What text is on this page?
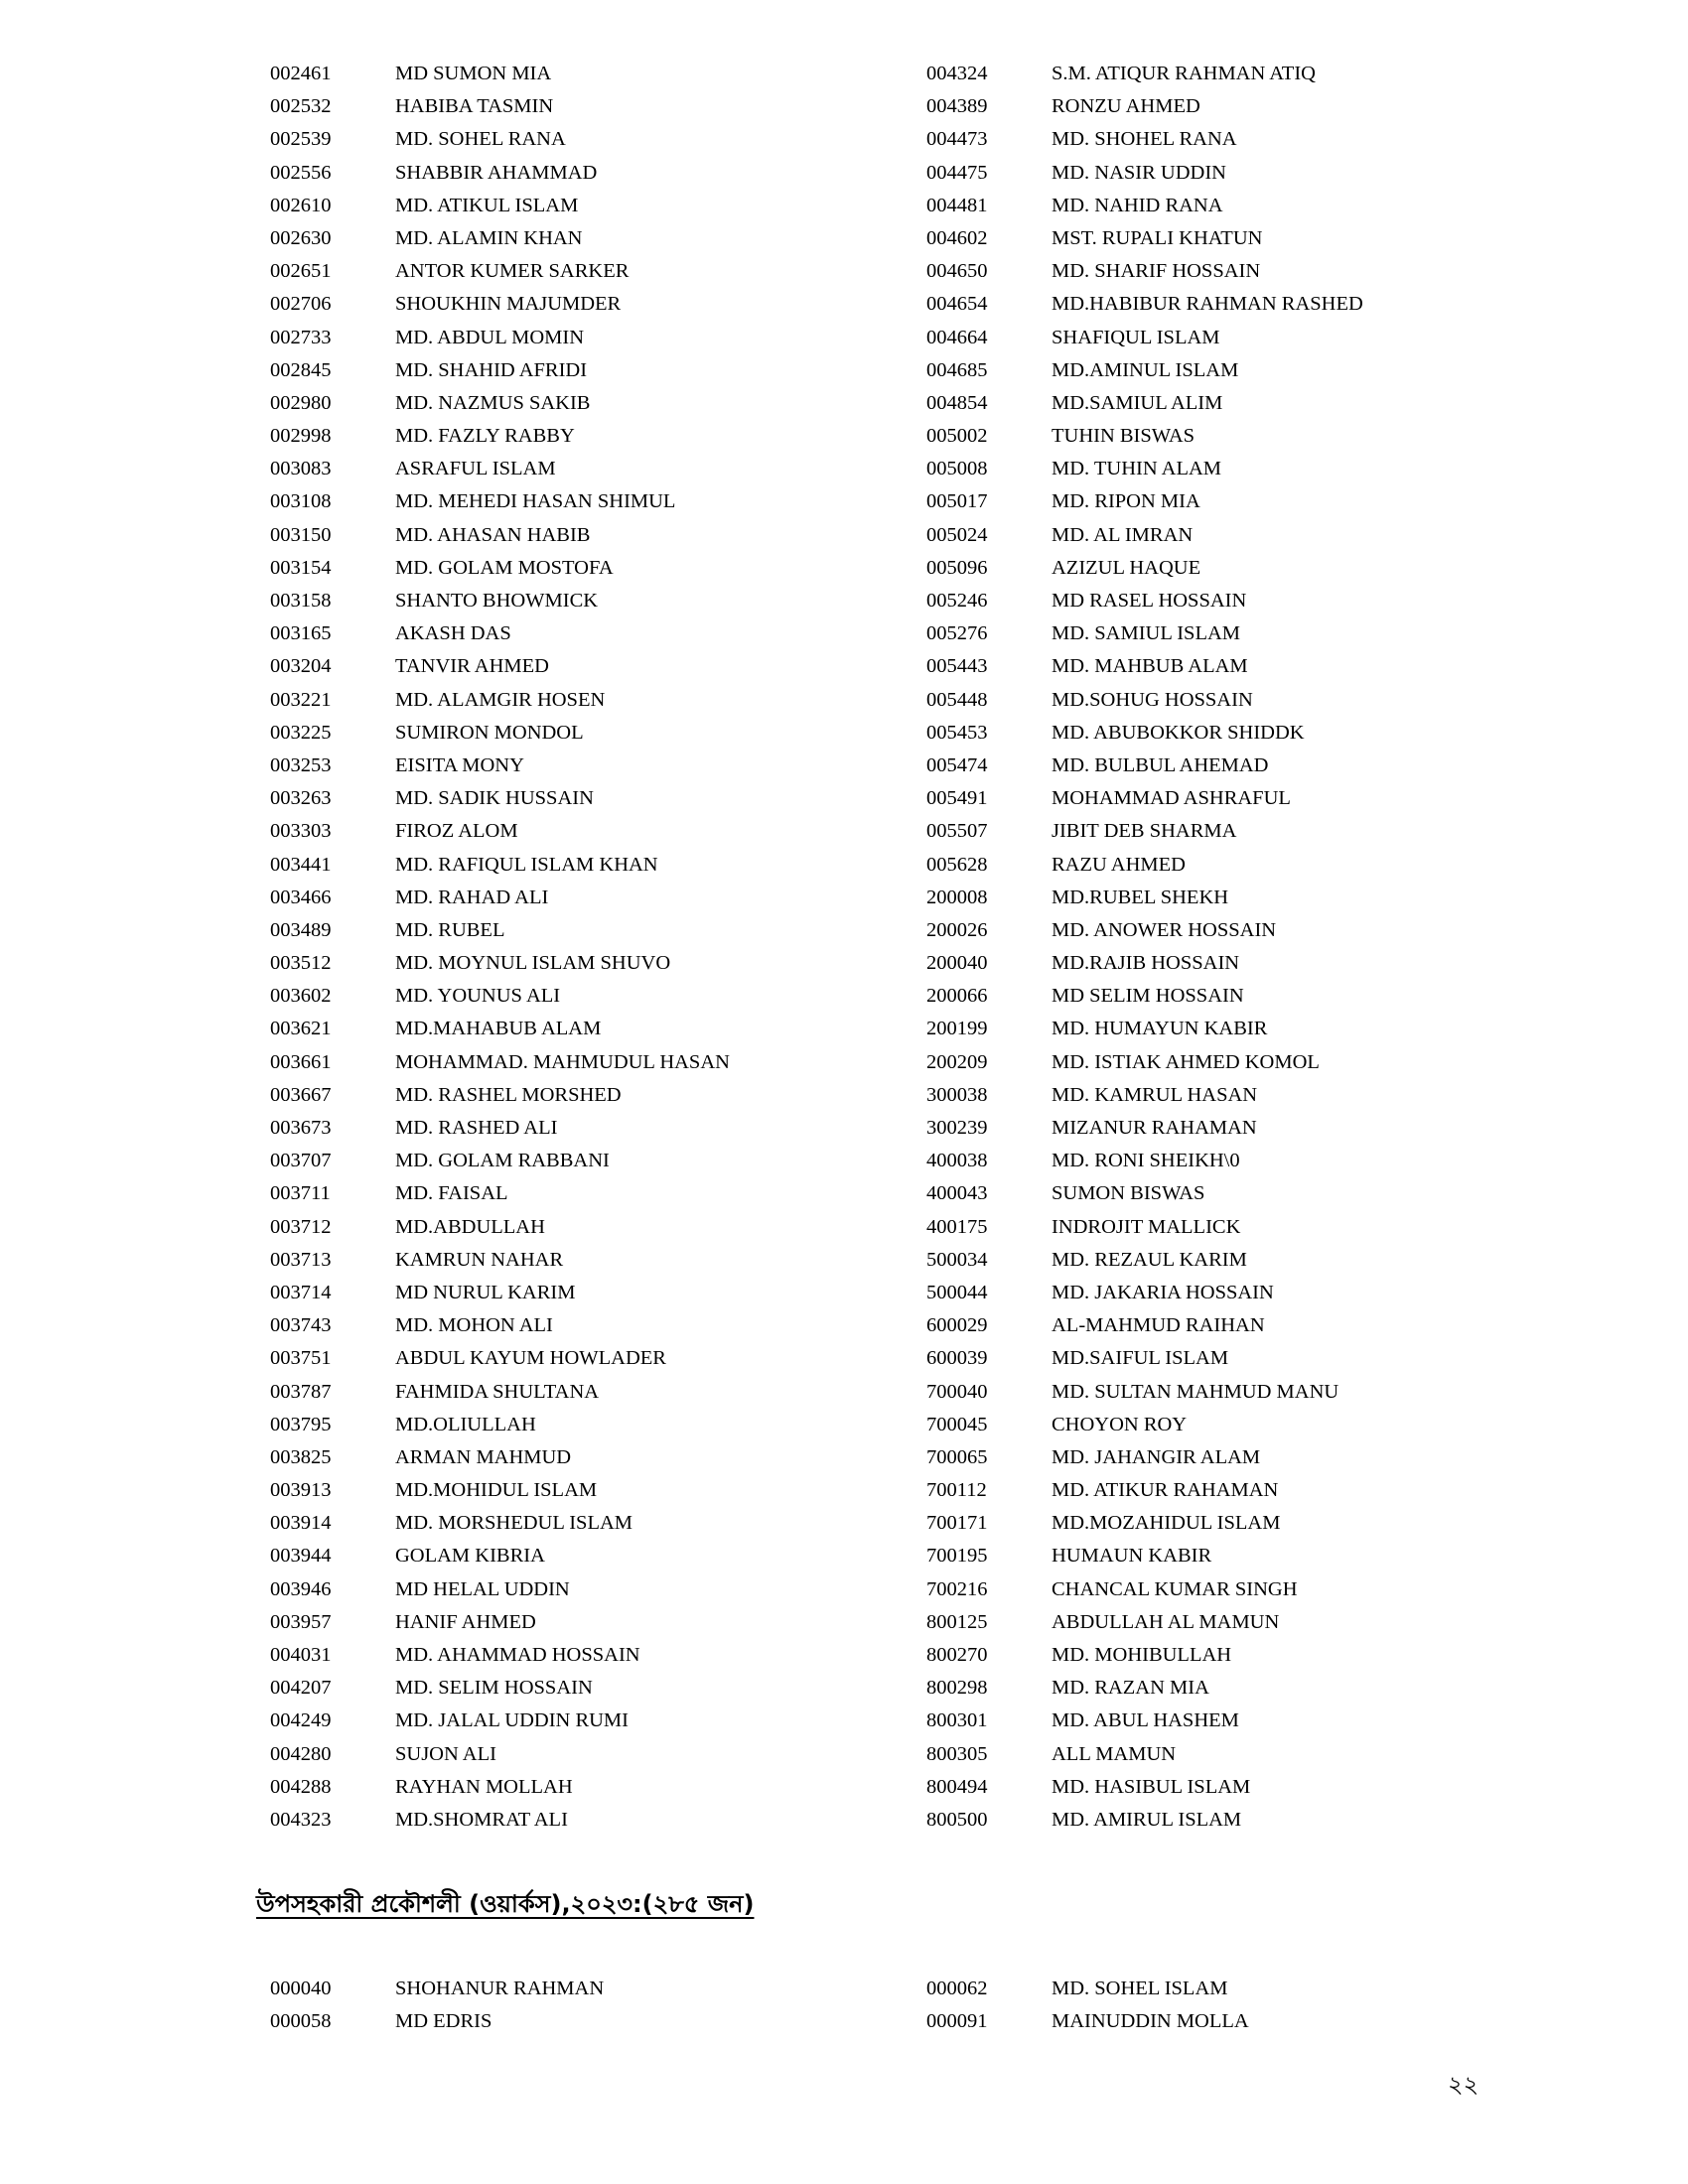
002461	MD SUMON MIA
002532	HABIBA TASMIN
002539	MD. SOHEL RANA
002556	SHABBIR AHAMMAD
002610	MD. ATIKUL ISLAM
002630	MD. ALAMIN KHAN
002651	ANTOR KUMER SARKER
002706	SHOUKHIN MAJUMDER
002733	MD. ABDUL MOMIN
002845	MD. SHAHID AFRIDI
002980	MD. NAZMUS SAKIB
002998	MD. FAZLY RABBY
003083	ASRAFUL ISLAM
003108	MD. MEHEDI HASAN SHIMUL
003150	MD. AHASAN HABIB
003154	MD. GOLAM MOSTOFA
003158	SHANTO BHOWMICK
003165	AKASH DAS
003204	TANVIR AHMED
003221	MD. ALAMGIR HOSEN
003225	SUMIRON MONDOL
003253	EISITA MONY
003263	MD. SADIK HUSSAIN
003303	FIROZ ALOM
003441	MD. RAFIQUL ISLAM KHAN
003466	MD. RAHAD ALI
003489	MD. RUBEL
003512	MD. MOYNUL ISLAM SHUVO
003602	MD. YOUNUS ALI
003621	MD.MAHABUB ALAM
003661	MOHAMMAD. MAHMUDUL HASAN
003667	MD. RASHEL MORSHED
003673	MD. RASHED ALI
003707	MD. GOLAM RABBANI
003711	MD. FAISAL
003712	MD.ABDULLAH
003713	KAMRUN NAHAR
003714	MD NURUL KARIM
003743	MD. MOHON ALI
003751	ABDUL KAYUM HOWLADER
003787	FAHMIDA SHULTANA
003795	MD.OLIULLAH
003825	ARMAN MAHMUD
003913	MD.MOHIDUL ISLAM
003914	MD. MORSHEDUL ISLAM
003944	GOLAM KIBRIA
003946	MD HELAL UDDIN
003957	HANIF AHMED
004031	MD. AHAMMAD HOSSAIN
004207	MD. SELIM HOSSAIN
004249	MD. JALAL UDDIN RUMI
004280	SUJON ALI
004288	RAYHAN MOLLAH
004323	MD.SHOMRAT ALI
004324	S.M. ATIQUR RAHMAN ATIQ
004389	RONZU AHMED
004473	MD. SHOHEL RANA
004475	MD. NASIR UDDIN
004481	MD. NAHID RANA
004602	MST. RUPALI KHATUN
004650	MD. SHARIF HOSSAIN
004654	MD.HABIBUR RAHMAN RASHED
004664	SHAFIQUL ISLAM
004685	MD.AMINUL ISLAM
004854	MD.SAMIUL ALIM
005002	TUHIN BISWAS
005008	MD. TUHIN ALAM
005017	MD. RIPON MIA
005024	MD. AL IMRAN
005096	AZIZUL HAQUE
005246	MD RASEL HOSSAIN
005276	MD. SAMIUL ISLAM
005443	MD. MAHBUB ALAM
005448	MD.SOHUG HOSSAIN
005453	MD. ABUBOKKOR SHIDDK
005474	MD. BULBUL AHEMAD
005491	MOHAMMAD ASHRAFUL
005507	JIBIT DEB SHARMA
005628	RAZU AHMED
200008	MD.RUBEL SHEKH
200026	MD. ANOWER HOSSAIN
200040	MD.RAJIB HOSSAIN
200066	MD SELIM HOSSAIN
200199	MD. HUMAYUN KABIR
200209	MD. ISTIAK AHMED KOMOL
300038	MD. KAMRUL HASAN
300239	MIZANUR RAHAMAN
400038	MD. RONI SHEIKH\0
400043	SUMON BISWAS
400175	INDROJIT MALLICK
500034	MD. REZAUL KARIM
500044	MD. JAKARIA HOSSAIN
600029	AL-MAHMUD RAIHAN
600039	MD.SAIFUL ISLAM
700040	MD. SULTAN MAHMUD MANU
700045	CHOYON ROY
700065	MD. JAHANGIR ALAM
700112	MD. ATIKUR RAHAMAN
700171	MD.MOZAHIDUL ISLAM
700195	HUMAUN KABIR
700216	CHANCAL KUMAR SINGH
800125	ABDULLAH AL MAMUN
800270	MD. MOHIBULLAH
800298	MD. RAZAN MIA
800301	MD. ABUL HASHEM
800305	ALL MAMUN
800494	MD. HASIBUL ISLAM
800500	MD. AMIRUL ISLAM
উপসহকারী প্রকৌশলী (ওয়ার্কস),২০২৩:(২৮৫ জন)
000040	SHOHANUR RAHMAN
000058	MD EDRIS
000062	MD. SOHEL ISLAM
000091	MAINUDDIN MOLLA
২২
